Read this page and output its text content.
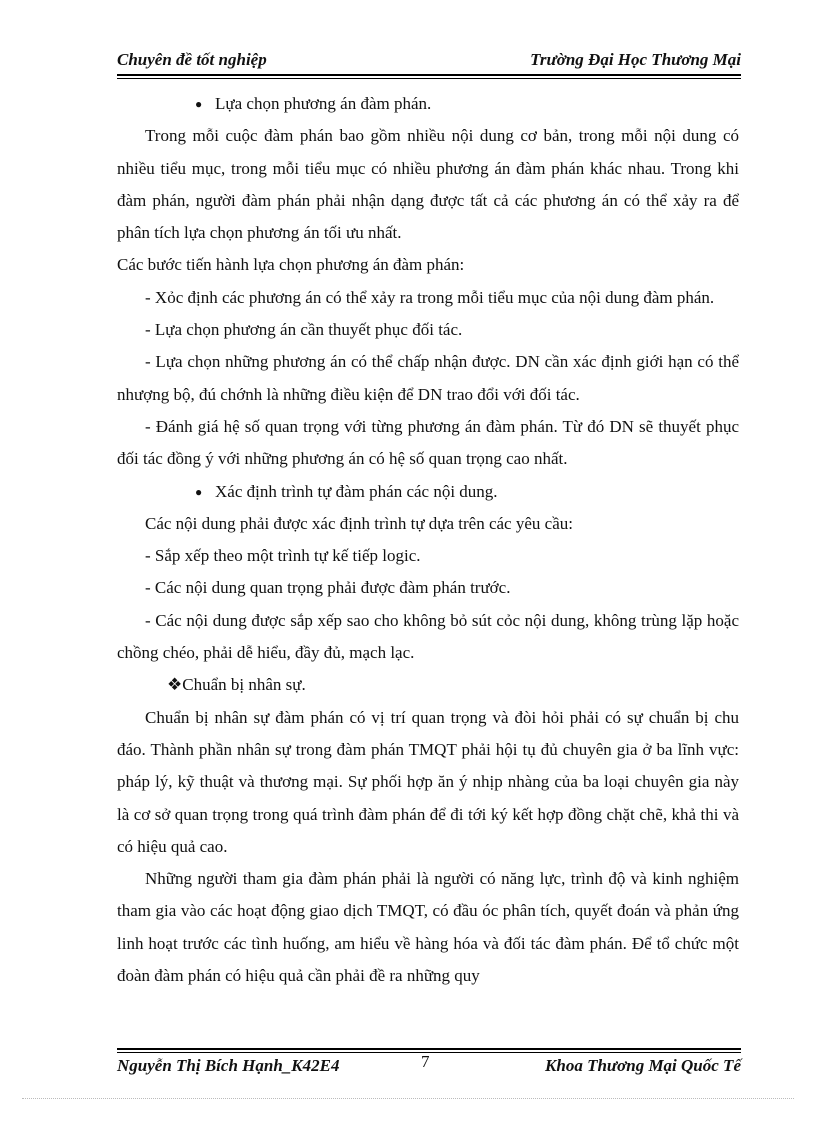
Chuyên đề tốt nghiệp	Trường Đại Học Thương Mại

● Lựa chọn phương án đàm phán.

Trong mỗi cuộc đàm phán bao gồm nhiều nội dung cơ bản, trong mỗi nội dung có nhiều tiểu mục, trong mỗi tiểu mục có nhiều phương án đàm phán khác nhau. Trong khi đàm phán, người đàm phán phải nhận dạng được tất cả các phương án có thể xảy ra để phân tích lựa chọn phương án tối ưu nhất.

Các bước tiến hành lựa chọn phương án đàm phán:

- Xỏc định các phương án có thể xảy ra trong mỗi tiểu mục của nội dung đàm phán.

- Lựa chọn phương án cần thuyết phục đối tác.

- Lựa chọn những phương án có thể chấp nhận được. DN cần xác định giới hạn có thể nhượng bộ, đú chớnh là những điều kiện để DN trao đổi với đối tác.

- Đánh giá hệ số quan trọng với từng phương án đàm phán. Từ đó DN sẽ thuyết phục đối tác đồng ý với những phương án có hệ số quan trọng cao nhất.

● Xác định trình tự đàm phán các nội dung.

Các nội dung phải được xác định trình tự dựa trên các yêu cầu:

- Sắp xếp theo một trình tự kế tiếp logic.

- Các nội dung quan trọng phải được đàm phán trước.

- Các nội dung được sắp xếp sao cho không bỏ sút cỏc nội dung, không trùng lặp hoặc chồng chéo, phải dễ hiểu, đầy đủ, mạch lạc.

❖Chuẩn bị nhân sự.

Chuẩn bị nhân sự đàm phán có vị trí quan trọng và đòi hỏi phải có sự chuẩn bị chu đáo. Thành phần nhân sự trong đàm phán TMQT phải hội tụ đủ chuyên gia ở ba lĩnh vực: pháp lý, kỹ thuật và thương mại. Sự phối hợp ăn ý nhịp nhàng của ba loại chuyên gia này là cơ sở quan trọng trong quá trình đàm phán để đi tới ký kết hợp đồng chặt chẽ, khả thi và có hiệu quả cao.

Những người tham gia đàm phán phải là người có năng lực, trình độ và kinh nghiệm tham gia vào các hoạt động giao dịch TMQT, có đầu óc phân tích, quyết đoán và phản ứng linh hoạt trước các tình huống, am hiểu về hàng hóa và đối tác đàm phán. Để tổ chức một đoàn đàm phán có hiệu quả cần phải đề ra những quy

Nguyễn Thị Bích Hạnh_K42E4	7	Khoa Thương Mại Quốc Tế
